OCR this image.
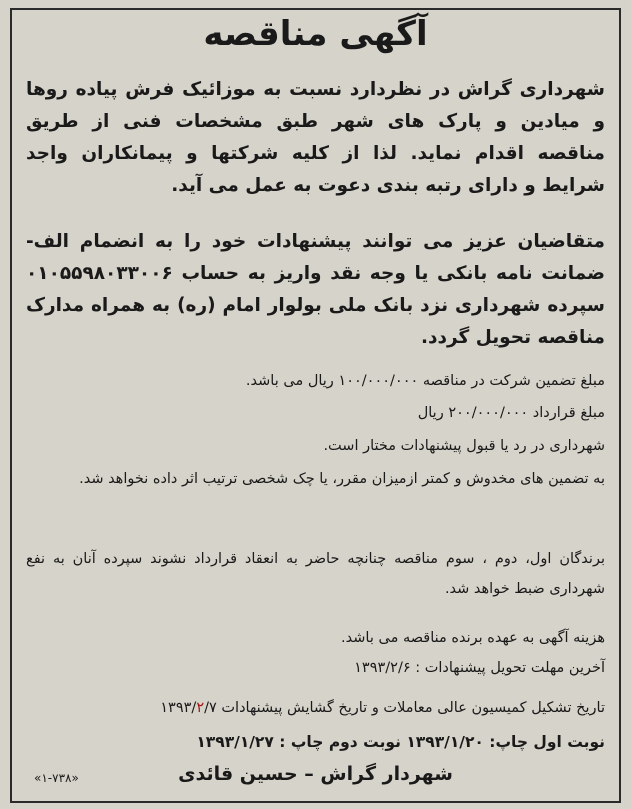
آگهی مناقصه
شهرداری گراش در نظردارد نسبت به موزائیک فرش پیاده روها و میادین و پارک های شهر طبق مشخصات فنی از طریق مناقصه اقدام نماید. لذا از کلیه شرکتها و پیمانکاران واجد شرایط و دارای رتبه بندی دعوت به عمل می آید.
متقاضیان عزیز می توانند پیشنهادات خود را به انضمام الف- ضمانت نامه بانکی یا وجه نقد واریز به حساب ۰۱۰۵۵۹۸۰۳۳۰۰۶ سپرده شهرداری نزد بانک ملی بولوار امام (ره) به همراه مدارک مناقصه تحویل گردد.
مبلغ تضمین شرکت در مناقصه ۱۰۰/۰۰۰/۰۰۰ ریال می باشد.
مبلغ قرارداد ۲۰۰/۰۰۰/۰۰۰ ریال
شهرداری در رد یا قبول پیشنهادات مختار است.
به تضمین های مخدوش و کمتر ازمیزان مقرر، یا چک شخصی ترتیب اثر داده نخواهد شد.
برندگان اول، دوم ، سوم مناقصه چنانچه حاضر به انعقاد قرارداد نشوند سپرده آنان به نفع شهرداری ضبط خواهد شد.
هزینه آگهی به عهده برنده مناقصه می باشد.
آخرین مهلت تحویل پیشنهادات : ۱۳۹۳/۲/۶
تاریخ تشکیل کمیسیون عالی معاملات و تاریخ گشایش پیشنهادات ۱۳۹۳/۲/۷
نوبت اول چاپ: ۱۳۹۳/۱/۲۰ نوبت دوم چاپ : ۱۳۹۳/۱/۲۷
شهردار گراش – حسین قائدی
«۱-۷۳۸»
